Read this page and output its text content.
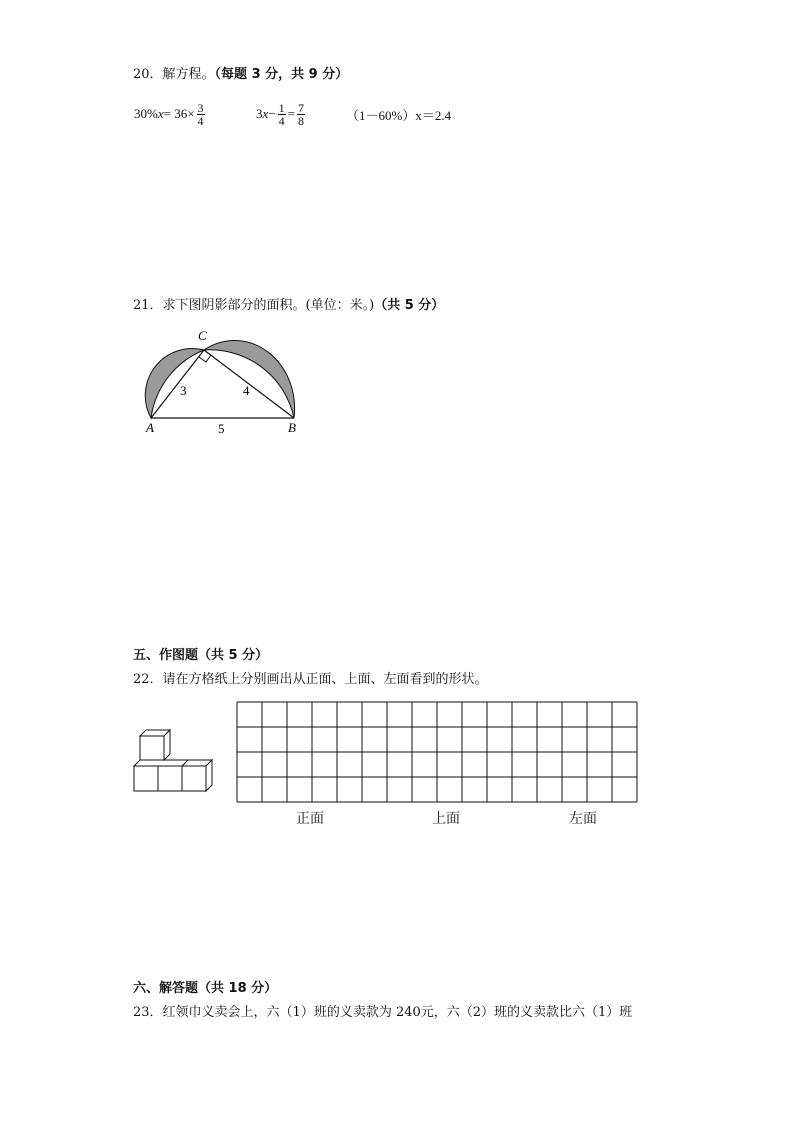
20．解方程。（每题 3 分，共 9 分）
30% $x = 36\times \frac{3}{4}$	3 $x - \frac{1}{4} = \frac{7}{8}$	（1－60%）x＝2.4
21．求下图阴影部分的面积。(单位：米。)（共 5 分）
C
A	B
3	4
5
五、作图题（共 5 分）
22．请在方格纸上分别画出从正面、上面、左面看到的形状。
正面	上面	左面
六、解答题（共 18 分）
23．红领巾义卖会上，六（1）班的义卖款为 240元，六（2）班的义卖款比六（1）班
